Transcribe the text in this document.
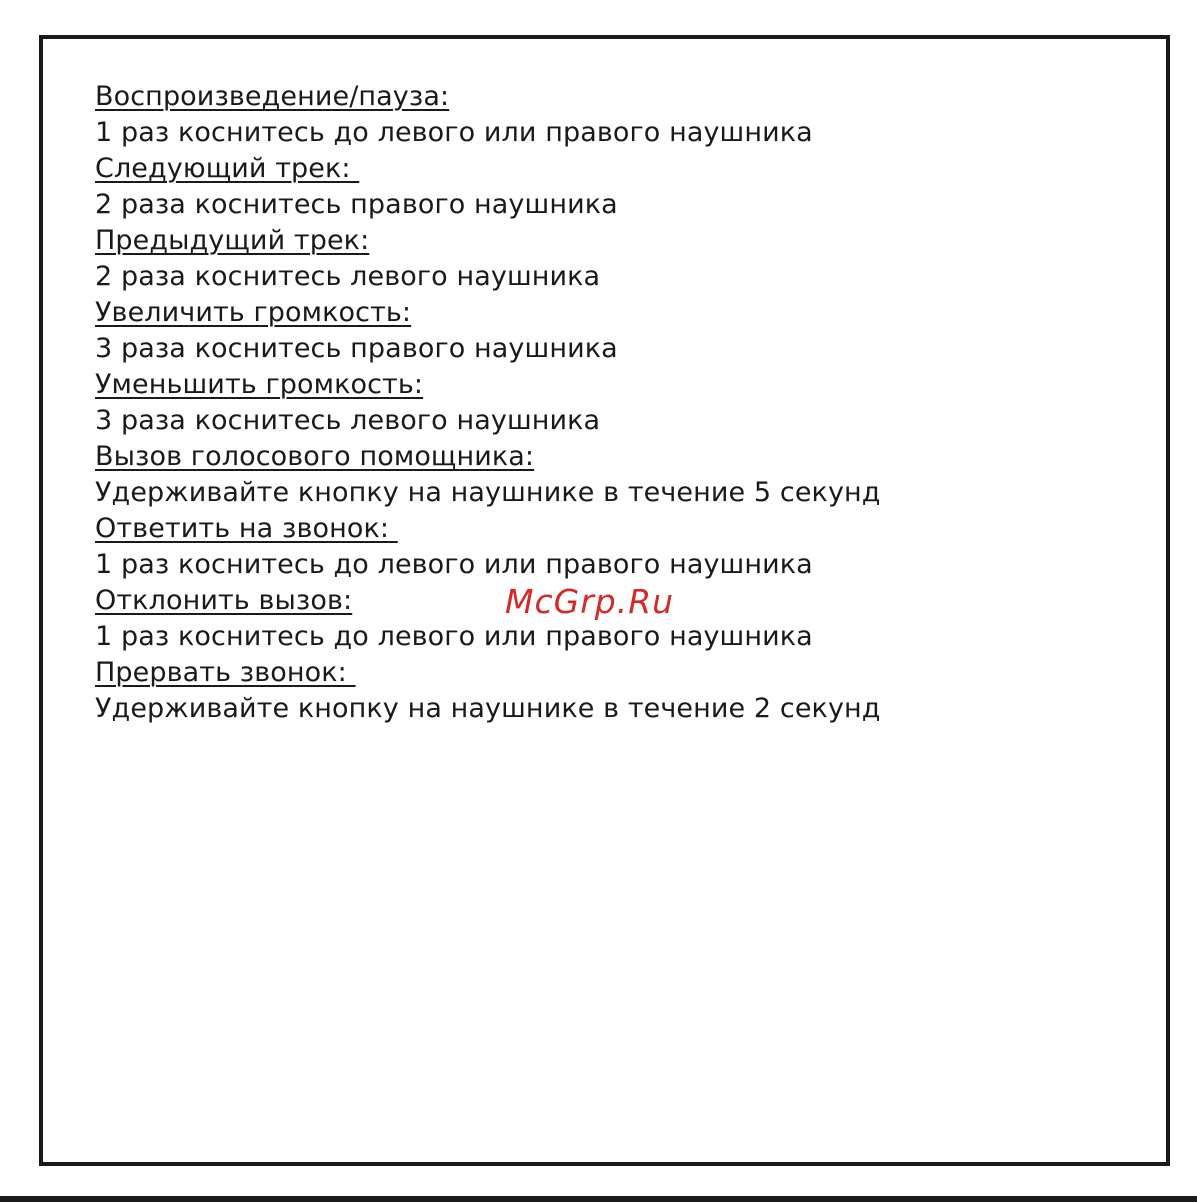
Воспроизведение/пауза:
1 раз коснитесь до левого или правого наушника
Следующий трек:
2 раза коснитесь правого наушника
Предыдущий трек:
2 раза коснитесь левого наушника
Увеличить громкость:
3 раза коснитесь правого наушника
Уменьшить громкость:
3 раза коснитесь левого наушника
Вызов голосового помощника:
Удерживайте кнопку на наушнике в течение 5 секунд
Ответить на звонок:
1 раз коснитесь до левого или правого наушника
Отклонить вызов:
1 раз коснитесь до левого или правого наушника
Прервать звонок:
Удерживайте кнопку на наушнике в течение 2 секунд
McGrp.Ru
